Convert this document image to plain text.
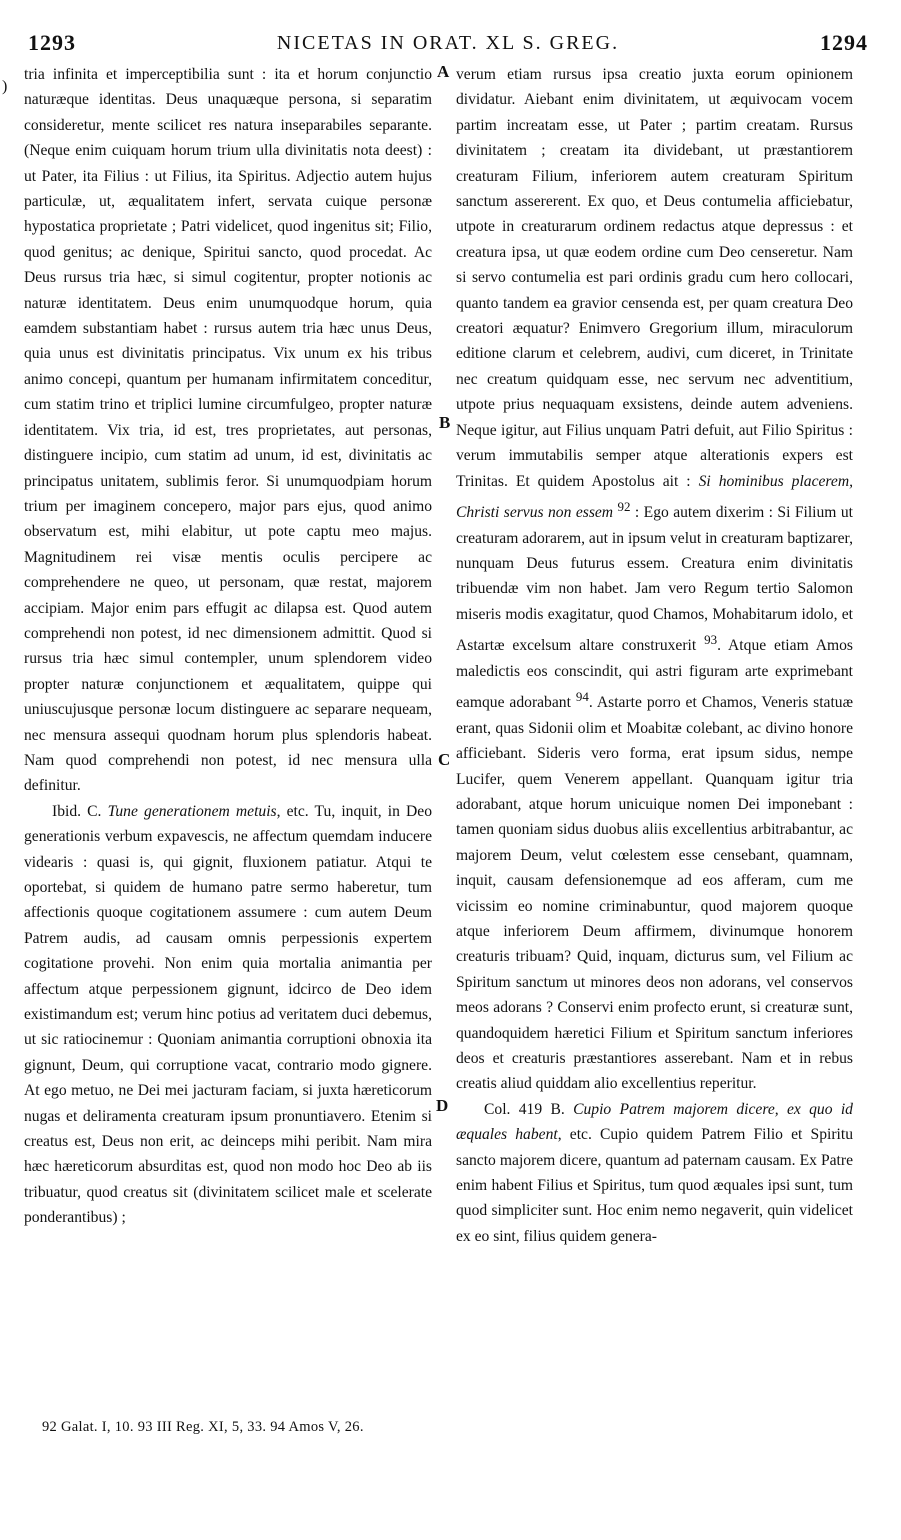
)
1293	NICETAS IN ORAT. XL S. GREG.	1294
A
B
C
D

tria infinita et imperceptibilia sunt : ita et horum conjunctio naturæque identitas. Deus unaquæque persona, si separatim consideretur, mente scilicet res natura inseparabiles separante. (Neque enim cuiquam horum trium ulla divinitatis nota deest) : ut Pater, ita Filius : ut Filius, ita Spiritus. Adjectio autem hujus particulæ, ut, æqualitatem infert, servata cuique personæ hypostatica proprietate ; Patri videlicet, quod ingenitus sit; Filio, quod genitus; ac denique, Spiritui sancto, quod procedat. Ac Deus rursus tria hæc, si simul cogitentur, propter notionis ac naturæ identitatem. Deus enim unumquodque horum, quia eamdem substantiam habet : rursus autem tria hæc unus Deus, quia unus est divinitatis principatus. Vix unum ex his tribus animo concepi, quantum per humanam infirmitatem conceditur, cum statim trino et triplici lumine circumfulgeo, propter naturæ identitatem. Vix tria, id est, tres proprietates, aut personas, distinguere incipio, cum statim ad unum, id est, divinitatis ac principatus unitatem, sublimis feror. Si unumquodpiam horum trium per imaginem concepero, major pars ejus, quod animo observatum est, mihi elabitur, ut pote captu meo majus. Magnitudinem rei visæ mentis oculis percipere ac comprehendere ne queo, ut personam, quæ restat, majorem accipiam. Major enim pars effugit ac dilapsa est. Quod autem comprehendi non potest, id nec dimensionem admittit. Quod si rursus tria hæc simul contempler, unum splendorem video propter naturæ conjunctionem et æqualitatem, quippe qui uniuscujusque personæ locum distinguere ac separare nequeam, nec mensura assequi quodnam horum plus splendoris habeat. Nam quod comprehendi non potest, id nec mensura ulla definitur.

Ibid. C. Tune generationem metuis, etc. Tu, inquit, in Deo generationis verbum expavescis, ne affectum quemdam inducere videaris : quasi is, qui gignit, fluxionem patiatur. Atqui te oportebat, si quidem de humano patre sermo haberetur, tum affectionis quoque cogitationem assumere : cum autem Deum Patrem audis, ad causam omnis perpessionis expertem cogitatione provehi. Non enim quia mortalia animantia per affectum atque perpessionem gignunt, idcirco de Deo idem existimandum est; verum hinc potius ad veritatem duci debemus, ut sic ratiocinemur : Quoniam animantia corruptioni obnoxia ita gignunt, Deum, qui corruptione vacat, contrario modo gignere. At ego metuo, ne Dei mei jacturam faciam, si juxta hæreticorum nugas et deliramenta creaturam ipsum pronuntiavero. Etenim si creatus est, Deus non erit, ac deinceps mihi peribit. Nam mira hæc hæreticorum absurditas est, quod non modo hoc Deo ab iis tribuatur, quod creatus sit (divinitatem scilicet male et scelerate ponderantibus) ;

verum etiam rursus ipsa creatio juxta eorum opinionem dividatur. Aiebant enim divinitatem, ut æquivocam vocem partim increatam esse, ut Pater ; partim creatam. Rursus divinitatem ; creatam ita dividebant, ut præstantiorem creaturam Filium, inferiorem autem creaturam Spiritum sanctum assererent. Ex quo, et Deus contumelia afficiebatur, utpote in creaturarum ordinem redactus atque depressus : et creatura ipsa, ut quæ eodem ordine cum Deo censeretur. Nam si servo contumelia est pari ordinis gradu cum hero collocari, quanto tandem ea gravior censenda est, per quam creatura Deo creatori æquatur? Enimvero Gregorium illum, miraculorum editione clarum et celebrem, audivi, cum diceret, in Trinitate nec creatum quidquam esse, nec servum nec adventitium, utpote prius nequaquam exsistens, deinde autem adveniens. Neque igitur, aut Filius unquam Patri defuit, aut Filio Spiritus : verum immutabilis semper atque alterationis expers est Trinitas. Et quidem Apostolus ait : Si hominibus placerem, Christi servus non essem $^{92}$ : Ego autem dixerim : Si Filium ut creaturam adorarem, aut in ipsum velut in creaturam baptizarer, nunquam Deus futurus essem. Creatura enim divinitatis tribuendæ vim non habet. Jam vero Regum tertio Salomon miseris modis exagitatur, quod Chamos, Mohabitarum idolo, et Astartæ excelsum altare construxerit $^{93}$. Atque etiam Amos maledictis eos conscindit, qui astri figuram arte exprimebant eamque adorabant $^{94}$. Astarte porro et Chamos, Veneris statuæ erant, quas Sidonii olim et Moabitæ colebant, ac divino honore afficiebant. Sideris vero forma, erat ipsum sidus, nempe Lucifer, quem Venerem appellant. Quanquam igitur tria adorabant, atque horum unicuique nomen Dei imponebant : tamen quoniam sidus duobus aliis excellentius arbitrabantur, ac majorem Deum, velut cœlestem esse censebant, quamnam, inquit, causam defensionemque ad eos afferam, cum me vicissim eo nomine criminabuntur, quod majorem quoque atque inferiorem Deum affirmem, divinumque honorem creaturis tribuam? Quid, inquam, dicturus sum, vel Filium ac Spiritum sanctum ut minores deos non adorans, vel conservos meos adorans ? Conservi enim profecto erunt, si creaturæ sunt, quandoquidem hæretici Filium et Spiritum sanctum inferiores deos et creaturis præstantiores asserebant. Nam et in rebus creatis aliud quiddam alio excellentius reperitur.

Col. 419 B. Cupio Patrem majorem dicere, ex quo id æquales habent, etc. Cupio quidem Patrem Filio et Spiritu sancto majorem dicere, quantum ad paternam causam. Ex Patre enim habent Filius et Spiritus, tum quod æquales ipsi sunt, tum quod simpliciter sunt. Hoc enim nemo negaverit, quin videlicet ex eo sint, filius quidem genera-

92 Galat. I, 10. 93 III Reg. XI, 5, 33. 94 Amos V, 26.
